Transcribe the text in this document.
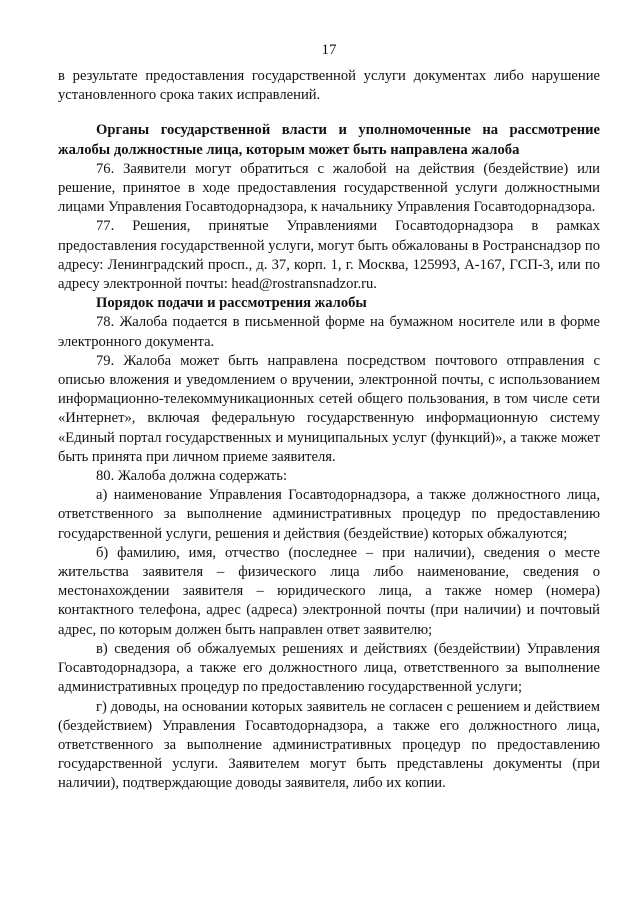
17

в результате предоставления государственной услуги документах либо нарушение установленного срока таких исправлений.

Органы государственной власти и уполномоченные на рассмотрение жалобы должностные лица, которым может быть направлена жалоба

76. Заявители могут обратиться с жалобой на действия (бездействие) или решение, принятое в ходе предоставления государственной услуги должностными лицами Управления Госавтодорнадзора, к начальнику Управления Госавтодорнадзора.

77. Решения, принятые Управлениями Госавтодорнадзора в рамках предоставления государственной услуги, могут быть обжалованы в Ространснадзор по адресу: Ленинградский просп., д. 37, корп. 1, г. Москва, 125993, А-167, ГСП-3, или по адресу электронной почты: head@rostransnadzor.ru.

Порядок подачи и рассмотрения жалобы

78. Жалоба подается в письменной форме на бумажном носителе или в форме электронного документа.

79. Жалоба может быть направлена посредством почтового отправления с описью вложения и уведомлением о вручении, электронной почты, с использованием информационно-телекоммуникационных сетей общего пользования, в том числе сети «Интернет», включая федеральную государственную информационную систему «Единый портал государственных и муниципальных услуг (функций)», а также может быть принята при личном приеме заявителя.

80. Жалоба должна содержать:

а) наименование Управления Госавтодорнадзора, а также должностного лица, ответственного за выполнение административных процедур по предоставлению государственной услуги, решения и действия (бездействие) которых обжалуются;

б) фамилию, имя, отчество (последнее – при наличии), сведения о месте жительства заявителя – физического лица либо наименование, сведения о местонахождении заявителя – юридического лица, а также номер (номера) контактного телефона, адрес (адреса) электронной почты (при наличии) и почтовый адрес, по которым должен быть направлен ответ заявителю;

в) сведения об обжалуемых решениях и действиях (бездействии) Управления Госавтодорнадзора, а также его должностного лица, ответственного за выполнение административных процедур по предоставлению государственной услуги;

г) доводы, на основании которых заявитель не согласен с решением и действием (бездействием) Управления Госавтодорнадзора, а также его должностного лица, ответственного за выполнение административных процедур по предоставлению государственной услуги. Заявителем могут быть представлены документы (при наличии), подтверждающие доводы заявителя, либо их копии.
